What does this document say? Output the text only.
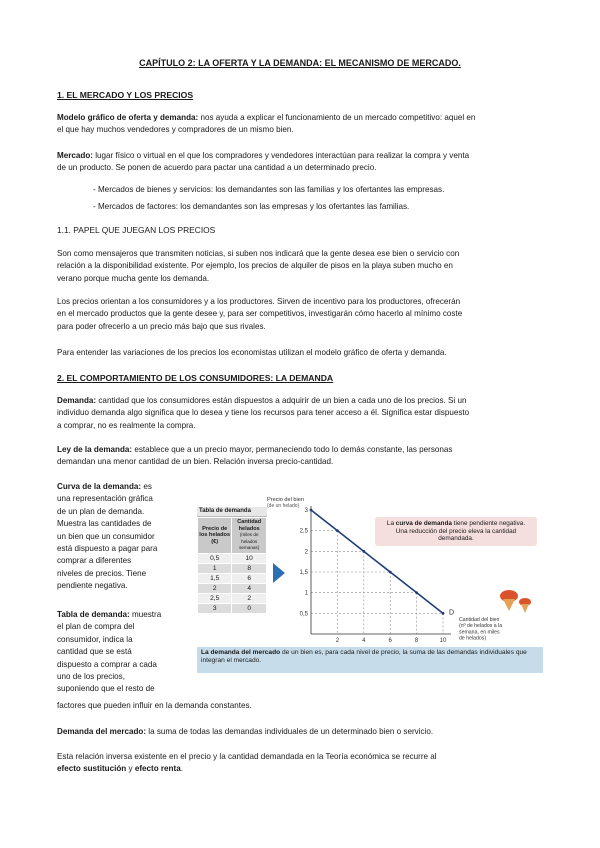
CAPÍTULO 2: LA OFERTA Y LA DEMANDA: EL MECANISMO DE MERCADO.
1. EL MERCADO Y LOS PRECIOS
Modelo gráfico de oferta y demanda: nos ayuda a explicar el funcionamiento de un mercado competitivo: aquel en
el que hay muchos vendedores y compradores de un mismo bien.
Mercado: lugar físico o virtual en el que los compradores y vendedores interactúan para realizar la compra y venta
de un producto. Se ponen de acuerdo para pactar una cantidad a un determinado precio.
- Mercados de bienes y servicios: los demandantes son las familias y los ofertantes las empresas.
- Mercados de factores: los demandantes son las empresas y los ofertantes las familias.
1.1. PAPEL QUE JUEGAN LOS PRECIOS
Son como mensajeros que transmiten noticias, si suben nos indicará que la gente desea ese bien o servicio con
relación a la disponibilidad existente. Por ejemplo, los precios de alquiler de pisos en la playa suben mucho en
verano porque mucha gente los demanda.
Los precios orientan a los consumidores y a los productores. Sirven de incentivo para los productores, ofrecerán
en el mercado productos que la gente desee y, para ser competitivos, investigarán cómo hacerlo al mínimo coste
para poder ofrecerlo a un precio más bajo que sus rivales.
Para entender las variaciones de los precios los economistas utilizan el modelo gráfico de oferta y demanda.
2. EL COMPORTAMIENTO DE LOS CONSUMIDORES: LA DEMANDA
Demanda: cantidad que los consumidores están dispuestos a adquirir de un bien a cada uno de los precios. Si un
individuo demanda algo significa que lo desea y tiene los recursos para tener acceso a él. Significa estar dispuesto
a comprar, no es realmente la compra.
Ley de la demanda: establece que a un precio mayor, permaneciendo todo lo demás constante, las personas
demandan una menor cantidad de un bien. Relación inversa precio-cantidad.
Curva de la demanda: es
una representación gráfica
de un plan de demanda.
Muestra las cantidades de
un bien que un consumidor
está dispuesto a pagar para
comprar a diferentes
niveles de precios. Tiene
pendiente negativa.
Tabla de demanda: muestra
el plan de compra del
consumidor, indica la
cantidad que se está
dispuesto a comprar a cada
uno de los precios,
suponiendo que el resto de
factores que pueden influir en la demanda constantes.
Tabla de demanda
Precio de los helados (€)	Cantidad helados
(miles de helados semanas)
0,5	10
1	8
1,5	6
2	4
2,5	2
3	0
3
2,5
2
1,5
1
0,5
2	4	6	8	10
D
Precio del bien
(de un helado)
Cantidad del bien
(nº de helados a la
semana, en miles
de helados)
La curva de demanda tiene pendiente negativa.
Una reducción del precio eleva la cantidad demandada.
La demanda del mercado de un bien es, para cada nivel de precio, la suma de las demandas individuales que integran el mercado.
Demanda del mercado: la suma de todas las demandas individuales de un determinado bien o servicio.
Esta relación inversa existente en el precio y la cantidad demandada en la Teoría económica se recurre al
efecto sustitución y efecto renta.
